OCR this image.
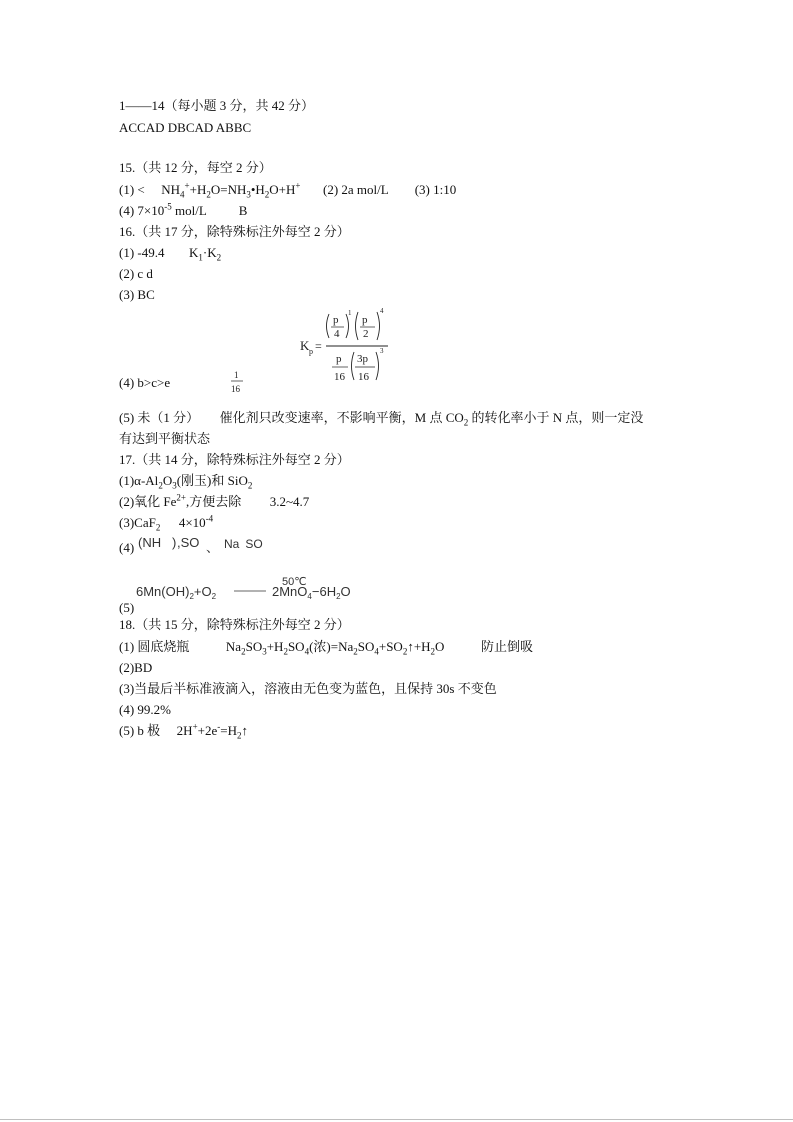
1——14（每小题 3 分，共 42 分）
ACCAD DBCAD ABBC
15.（共 12 分，每空 2 分）
$(1) < NH_4^++H_2O=NH_3•H_2O+H^+$ (2) 2a mol/L (3) 1:10
(4) $7\times 10^{-5}$ mol/L	B
16.（共 17 分，除特殊标注外每空 2 分）
(1) -49.4 $K_1\cdot K_2$
(2) c d
(3) BC
K p =
p
4
1
p
2
4
p
16
3p
16
3
(4) b>c>e	1
16
(5) 未（1 分） 催化剂只改变速率，不影响平衡，M 点 $CO_2$ 的转化率小于 N 点，则一定没
有达到平衡状态
17.（共 14 分，除特殊标注外每空 2 分）
$(1)\alpha-Al_2O_3$(刚玉)和 SiO$_2$
(2)氧化 $Fe^{2+}$,方便去除 3.2~4.7
(3)CaF$_2$ $4\times 10^{-4}$
(4) (NH ) ,SO 、 Na SO
50℃
$6Mn(OH)_2+O_2$	$2MnO_4-6H_2O$
(5)
18.（共 15 分，除特殊标注外每空 2 分）
(1) 圆底烧瓶	$Na_2SO_3+H_2SO_4$(浓)$=Na_2SO_4+SO_2↑+H_2O$	防止倒吸
(2)BD
(3)当最后半标准液滴入，溶液由无色变为蓝色，且保持 30s 不变色
(4) 99.2%
(5) b 极 $2H^++2e^-=H_2↑$
